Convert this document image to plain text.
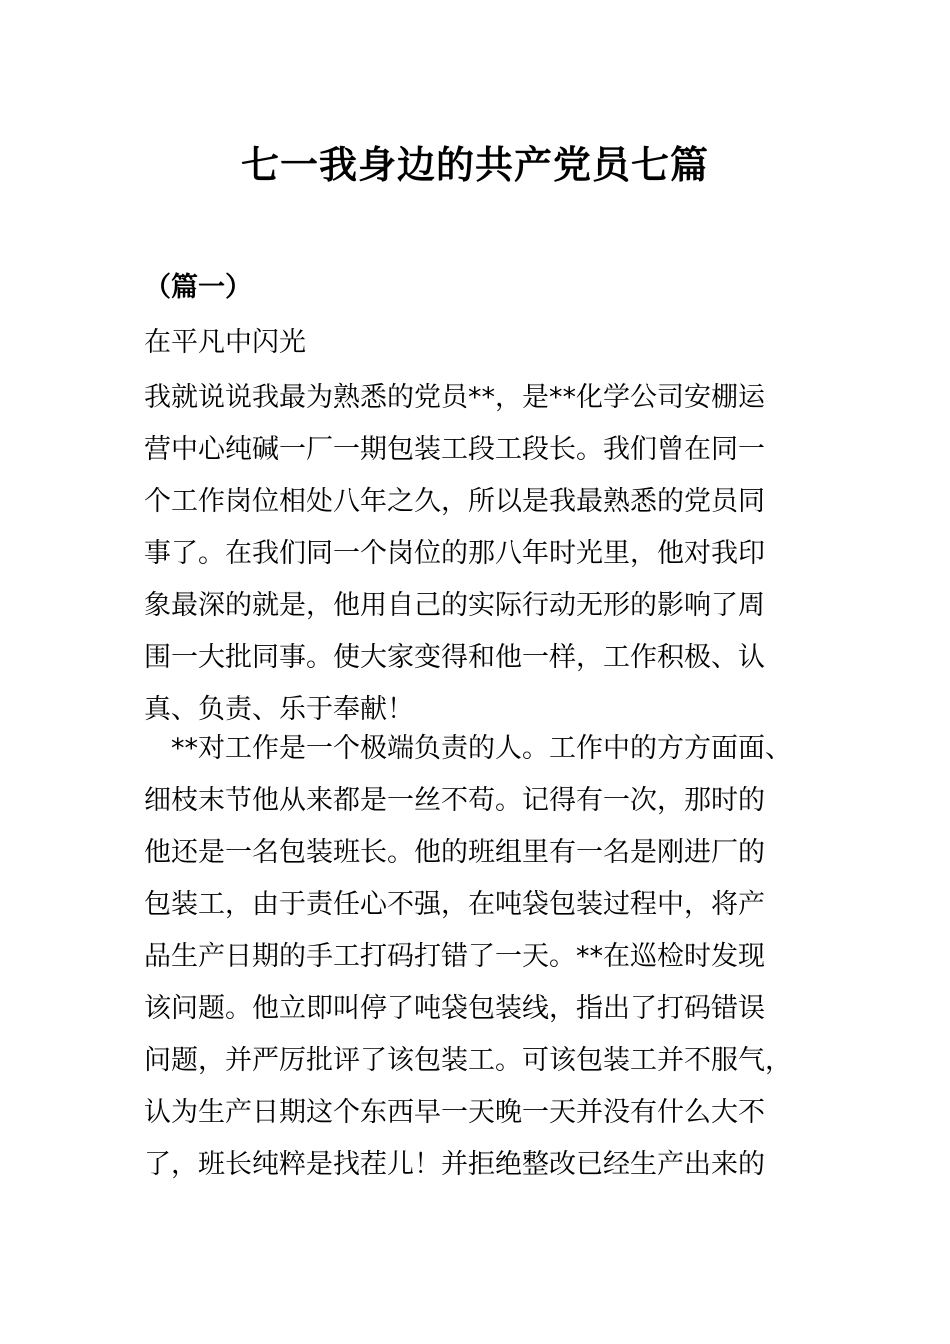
七一我身边的共产党员七篇
（篇一）
在平凡中闪光
我就说说我最为熟悉的党员**，是**化学公司安棚运
营中心纯碱一厂一期包装工段工段长。我们曾在同一
个工作岗位相处八年之久，所以是我最熟悉的党员同
事了。在我们同一个岗位的那八年时光里，他对我印
象最深的就是，他用自己的实际行动无形的影响了周
围一大批同事。使大家变得和他一样，工作积极、认
真、负责、乐于奉献！
**对工作是一个极端负责的人。工作中的方方面面、
细枝末节他从来都是一丝不苟。记得有一次，那时的
他还是一名包装班长。他的班组里有一名是刚进厂的
包装工，由于责任心不强，在吨袋包装过程中，将产
品生产日期的手工打码打错了一天。**在巡检时发现
该问题。他立即叫停了吨袋包装线，指出了打码错误
问题，并严厉批评了该包装工。可该包装工并不服气，
认为生产日期这个东西早一天晚一天并没有什么大不
了，班长纯粹是找茬儿！并拒绝整改已经生产出来的
